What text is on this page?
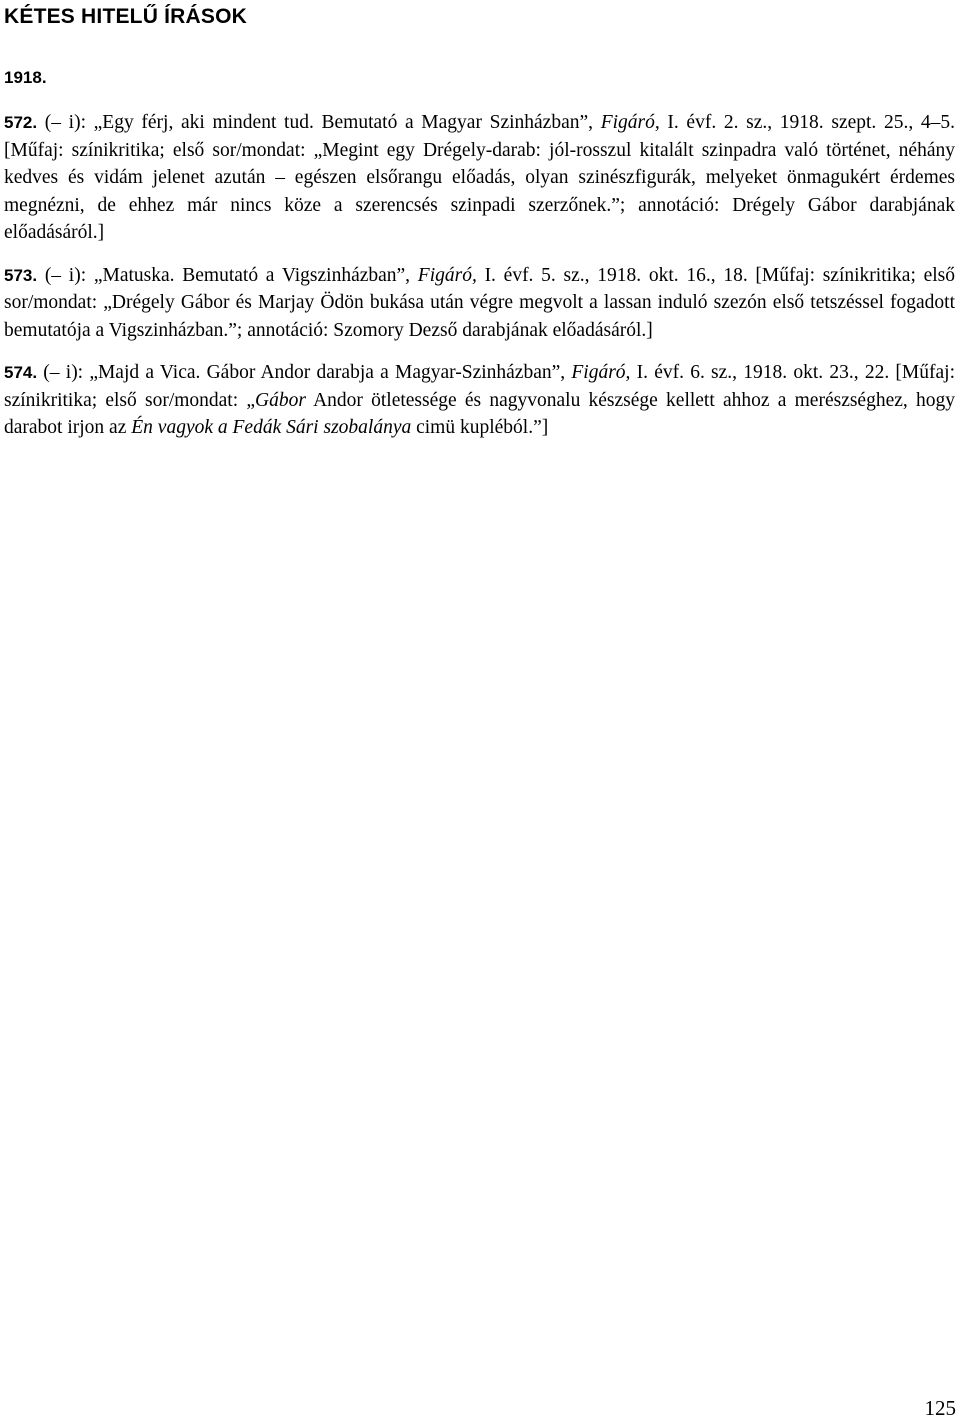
KÉTES HITELŰ ÍRÁSOK
1918.

572. (– i): „Egy férj, aki mindent tud. Bemutató a Magyar Szinházban”, Figáró, I. évf. 2. sz., 1918. szept. 25., 4–5. [Műfaj: színikritika; első sor/mondat: „Megint egy Drégely-darab: jól-rosszul kitalált szinpadra való történet, néhány kedves és vidám jelenet azután – egészen elsőrangu előadás, olyan szinészfigurák, melyeket önmagukért érdemes megnézni, de ehhez már nincs köze a szerencsés szinpadi szerzőnek.”; annotáció: Drégely Gábor darabjának előadásáról.]

573. (– i): „Matuska. Bemutató a Vigszinházban”, Figáró, I. évf. 5. sz., 1918. okt. 16., 18. [Műfaj: színikritika; első sor/mondat: „Drégely Gábor és Marjay Ödön bukása után végre megvolt a lassan induló szezón első tetszéssel fogadott bemutatója a Vigszinházban.”; annotáció: Szomory Dezső darabjának előadásáról.]

574. (– i): „Majd a Vica. Gábor Andor darabja a Magyar-Szinházban”, Figáró, I. évf. 6. sz., 1918. okt. 23., 22. [Műfaj: színikritika; első sor/mondat: „Gábor Andor ötletessége és nagyvonalu készsége kellett ahhoz a merészséghez, hogy darabot irjon az Én vagyok a Fedák Sári szobalánya cimü kupléból.”]

125
